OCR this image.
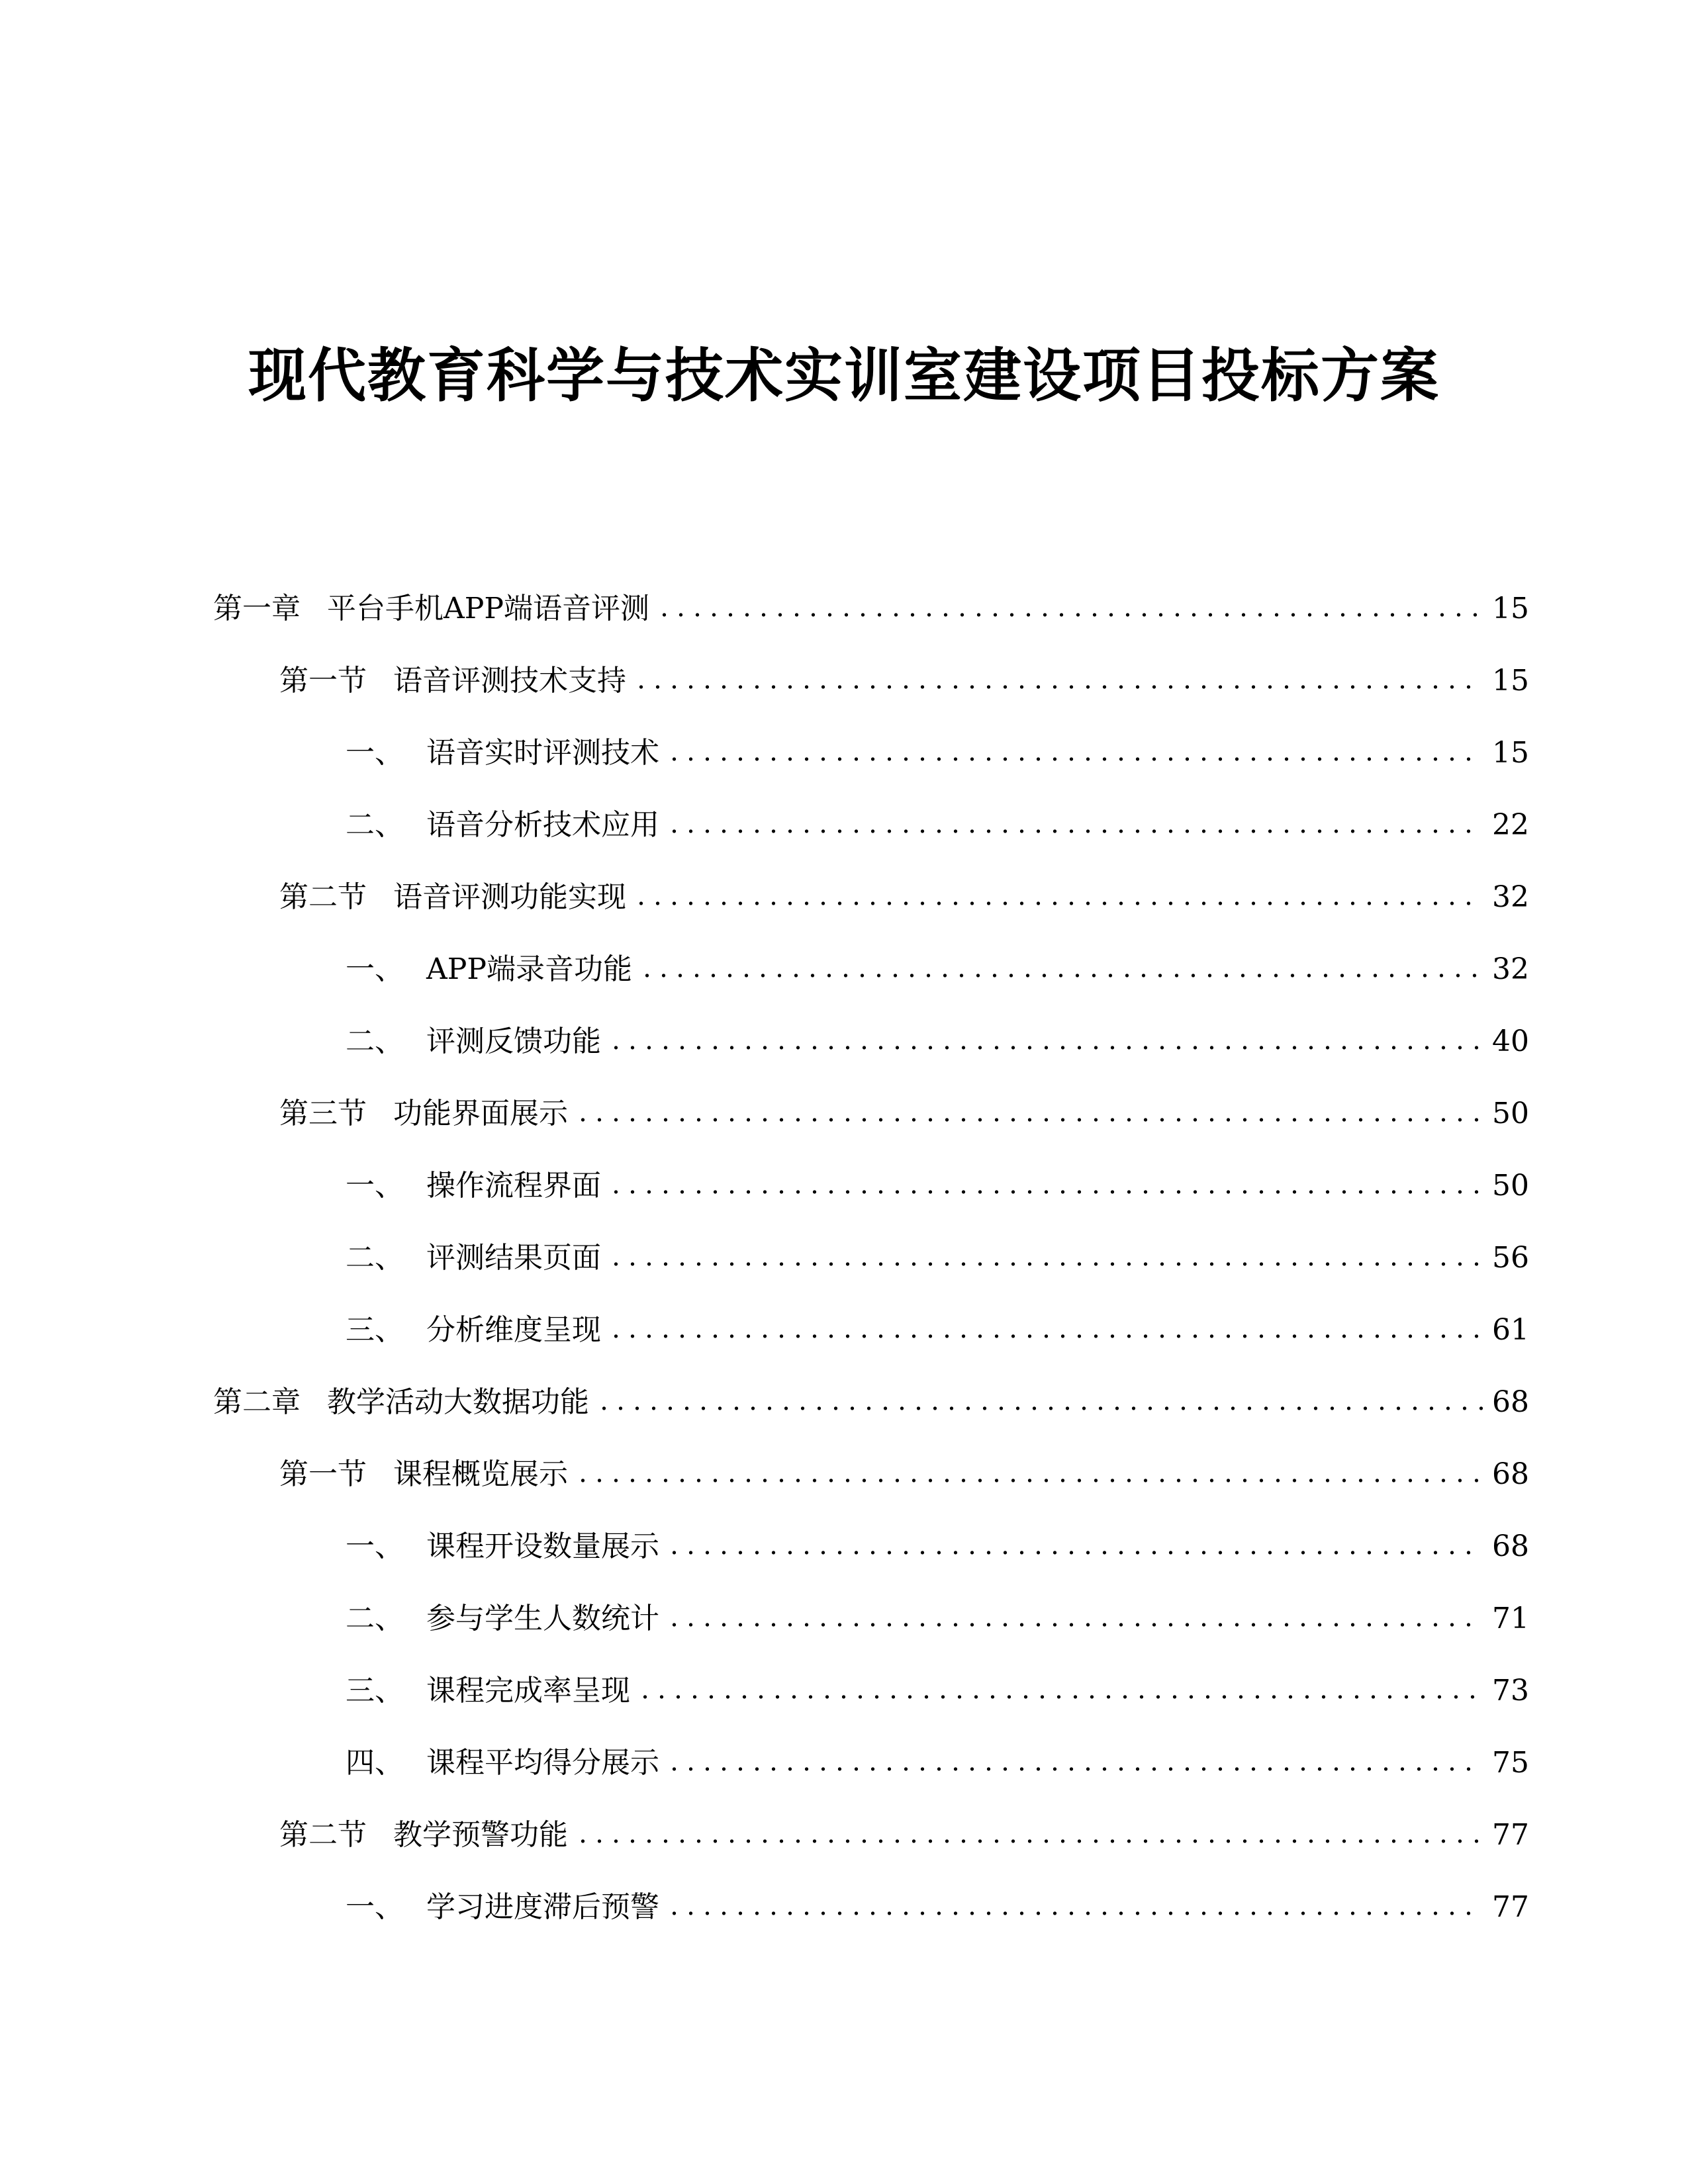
现代教育科学与技术实训室建设项目投标方案
第一章 平台手机APP端语音评测	15
第一节 语音评测技术支持	15
一、 语音实时评测技术	15
二、 语音分析技术应用	22
第二节 语音评测功能实现	32
一、 APP端录音功能	32
二、 评测反馈功能	40
第三节 功能界面展示	50
一、 操作流程界面	50
二、 评测结果页面	56
三、 分析维度呈现	61
第二章 教学活动大数据功能	68
第一节 课程概览展示	68
一、 课程开设数量展示	68
二、 参与学生人数统计	71
三、 课程完成率呈现	73
四、 课程平均得分展示	75
第二节 教学预警功能	77
一、 学习进度滞后预警	77
